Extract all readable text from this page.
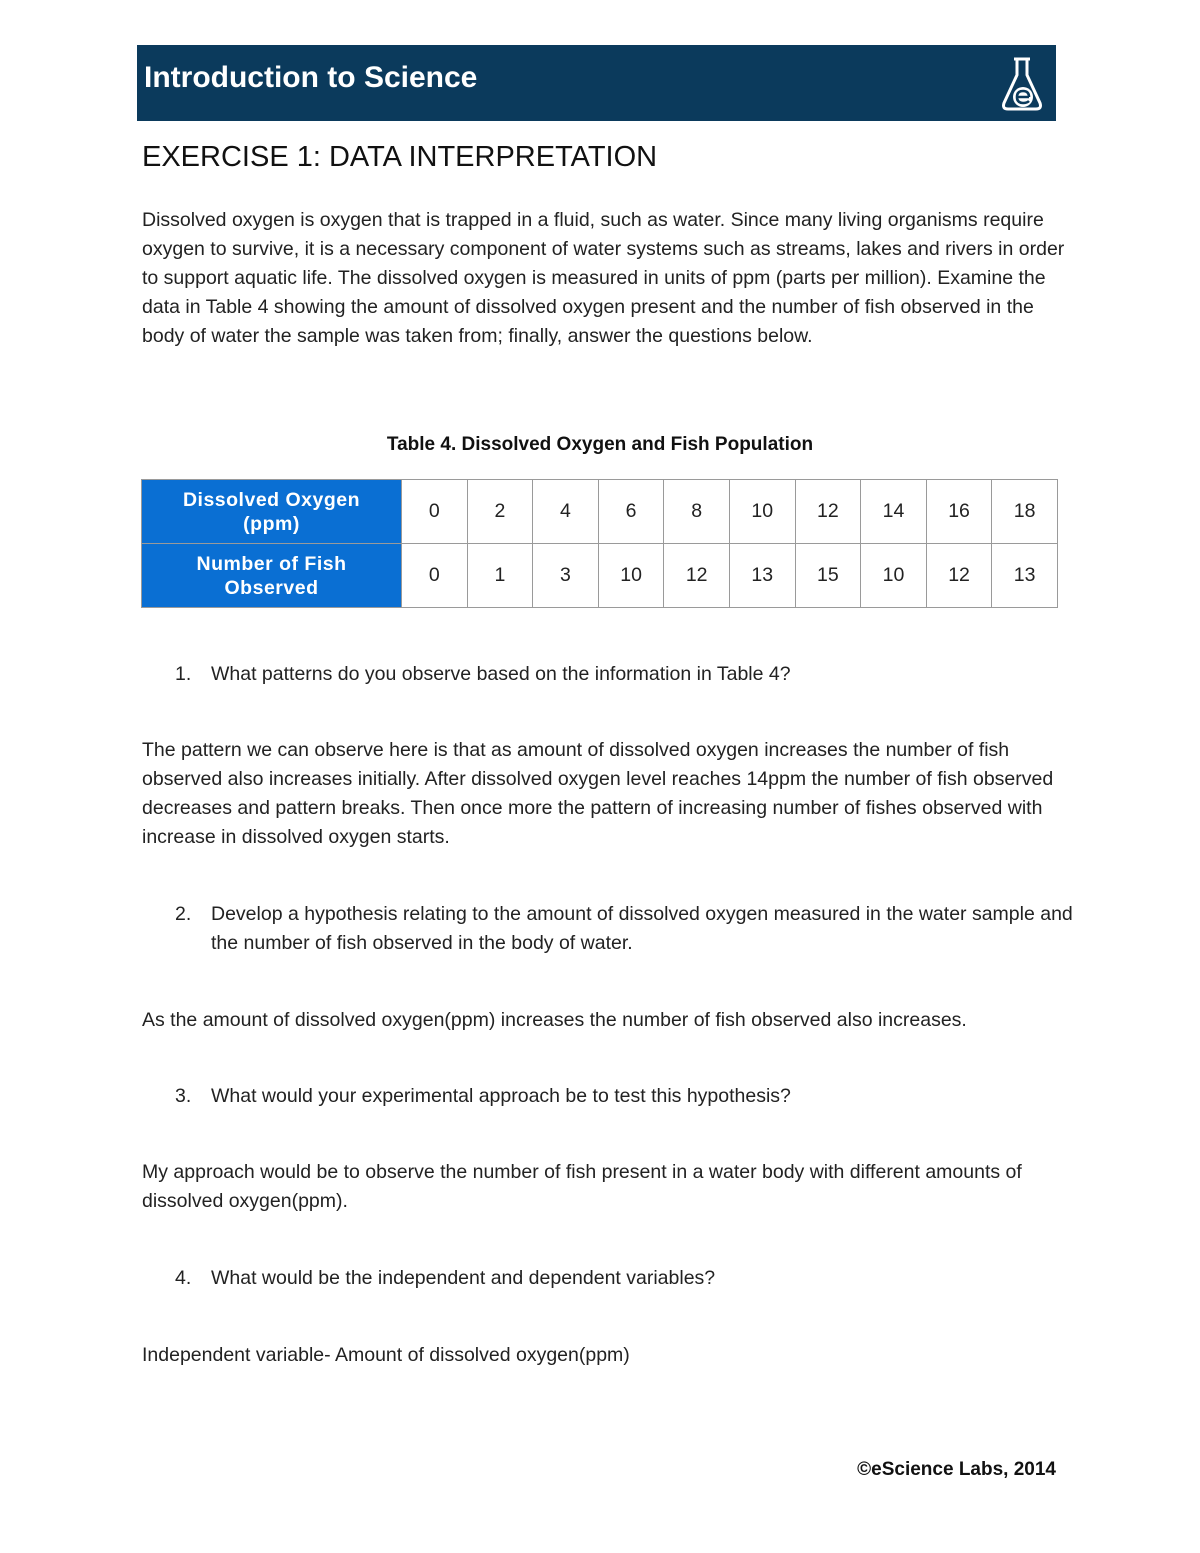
Introduction to Science
EXERCISE 1: DATA INTERPRETATION

Dissolved oxygen is oxygen that is trapped in a fluid, such as water. Since many living organisms require oxygen to survive, it is a necessary component of water systems such as streams, lakes and rivers in order to support aquatic life. The dissolved oxygen is measured in units of ppm (parts per million). Examine the data in Table 4 showing the amount of dissolved oxygen present and the number of fish observed in the body of water the sample was taken from; finally, answer the questions below.

Table 4. Dissolved Oxygen and Fish Population
Dissolved Oxygen
(ppm)	0	2	4	6	8	10	12	14	16	18
Number of Fish
Observed	0	1	3	10	12	13	15	10	12	13
1. What patterns do you observe based on the information in Table 4?

The pattern we can observe here is that as amount of dissolved oxygen increases the number of fish observed also increases initially. After dissolved oxygen level reaches 14ppm the number of fish observed decreases and pattern breaks. Then once more the pattern of increasing number of fishes observed with increase in dissolved oxygen starts.

2. Develop a hypothesis relating to the amount of dissolved oxygen measured in the water sample and the number of fish observed in the body of water.

As the amount of dissolved oxygen(ppm) increases the number of fish observed also increases.

3. What would your experimental approach be to test this hypothesis?

My approach would be to observe the number of fish present in a water body with different amounts of dissolved oxygen(ppm).

4. What would be the independent and dependent variables?

Independent variable- Amount of dissolved oxygen(ppm)

©eScience Labs, 2014
